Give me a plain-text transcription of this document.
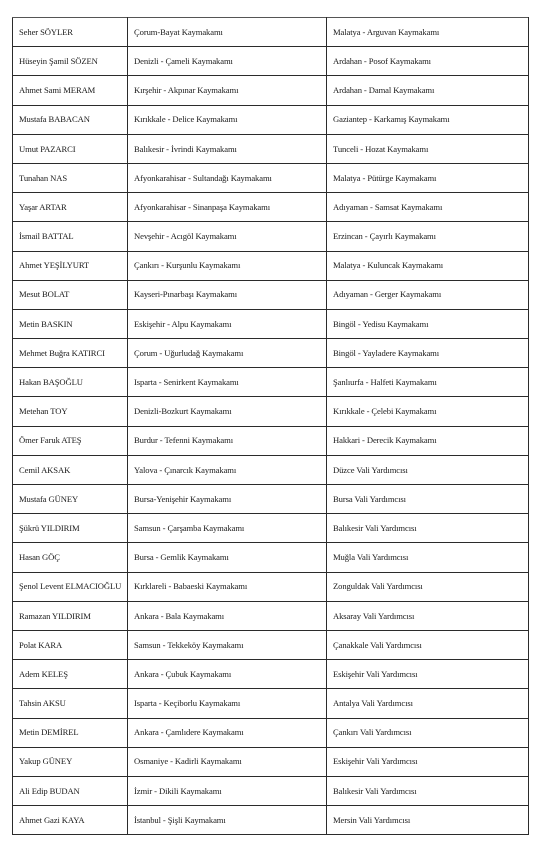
Seher SÖYLER	Çorum-Bayat Kaymakamı	Malatya - Arguvan Kaymakamı
Hüseyin Şamil SÖZEN	Denizli - Çameli Kaymakamı	Ardahan - Posof Kaymakamı
Ahmet Sami MERAM	Kırşehir - Akpınar Kaymakamı	Ardahan - Damal Kaymakamı
Mustafa BABACAN	Kırıkkale - Delice Kaymakamı	Gaziantep - Karkamış Kaymakamı
Umut PAZARCI	Balıkesir - İvrindi Kaymakamı	Tunceli - Hozat Kaymakamı
Tunahan NAS	Afyonkarahisar - Sultandağı Kaymakamı	Malatya - Pütürge Kaymakamı
Yaşar ARTAR	Afyonkarahisar - Sinanpaşa Kaymakamı	Adıyaman - Samsat Kaymakamı
İsmail BATTAL	Nevşehir - Acıgöl Kaymakamı	Erzincan - Çayırlı Kaymakamı
Ahmet YEŞİLYURT	Çankırı - Kurşunlu Kaymakamı	Malatya - Kuluncak Kaymakamı
Mesut BOLAT	Kayseri-Pınarbaşı Kaymakamı	Adıyaman - Gerger Kaymakamı
Metin BASKIN	Eskişehir - Alpu Kaymakamı	Bingöl - Yedisu Kaymakamı
Mehmet Buğra KATIRCI	Çorum - Uğurludağ Kaymakamı	Bingöl - Yayladere Kaymakamı
Hakan BAŞOĞLU	Isparta - Senirkent Kaymakamı	Şanlıurfa - Halfeti Kaymakamı
Metehan TOY	Denizli-Bozkurt Kaymakamı	Kırıkkale - Çelebi Kaymakamı
Ömer Faruk ATEŞ	Burdur - Tefenni Kaymakamı	Hakkari - Derecik Kaymakamı
Cemil AKSAK	Yalova - Çınarcık Kaymakamı	Düzce Vali Yardımcısı
Mustafa GÜNEY	Bursa-Yenişehir Kaymakamı	Bursa Vali Yardımcısı
Şükrü YILDIRIM	Samsun - Çarşamba Kaymakamı	Balıkesir Vali Yardımcısı
Hasan GÖÇ	Bursa - Gemlik Kaymakamı	Muğla Vali Yardımcısı
Şenol Levent ELMACIOĞLU	Kırklareli - Babaeski Kaymakamı	Zonguldak Vali Yardımcısı
Ramazan YILDIRIM	Ankara - Bala Kaymakamı	Aksaray Vali Yardımcısı
Polat KARA	Samsun - Tekkeköy Kaymakamı	Çanakkale Vali Yardımcısı
Adem KELEŞ	Ankara - Çubuk Kaymakamı	Eskişehir Vali Yardımcısı
Tahsin AKSU	Isparta - Keçiborlu Kaymakamı	Antalya Vali Yardımcısı
Metin DEMİREL	Ankara - Çamlıdere Kaymakamı	Çankırı Vali Yardımcısı
Yakup GÜNEY	Osmaniye - Kadirli Kaymakamı	Eskişehir Vali Yardımcısı
Ali Edip BUDAN	İzmir - Dikili Kaymakamı	Balıkesir Vali Yardımcısı
Ahmet Gazi KAYA	İstanbul - Şişli Kaymakamı	Mersin Vali Yardımcısı
